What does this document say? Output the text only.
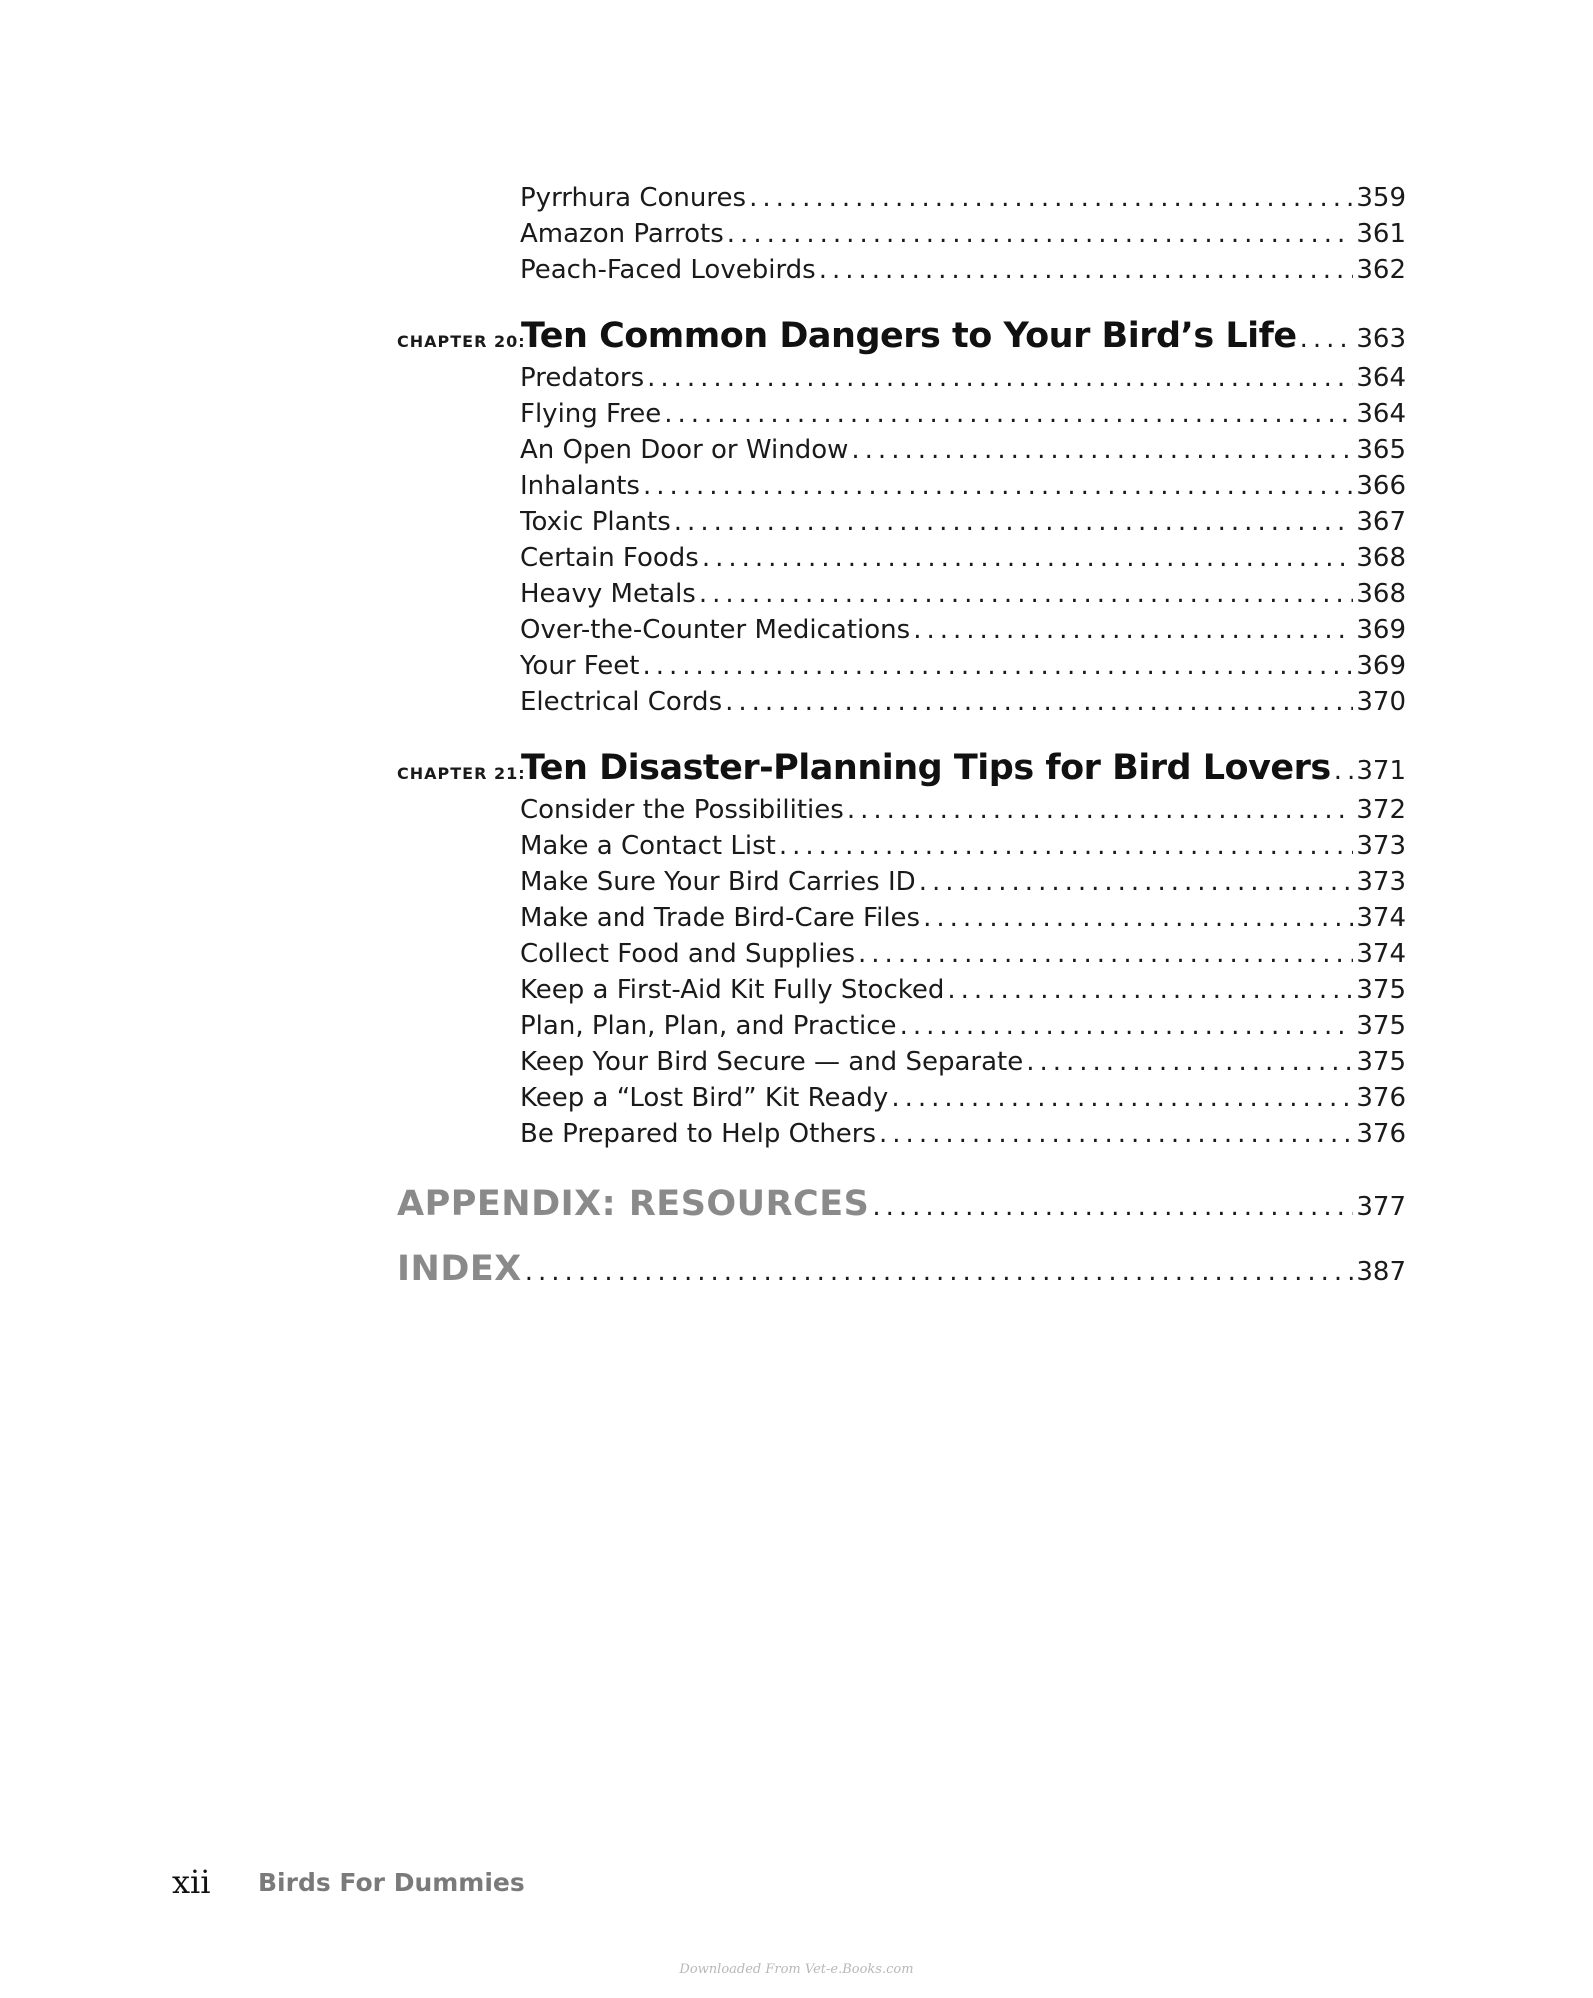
Pyrrhura Conures .....	359
Amazon Parrots .....	361
Peach-Faced Lovebirds .....	362
CHAPTER 20:
Ten Common Dangers to Your Bird’s Life ..... 363
Predators .....	364
Flying Free .....	364
An Open Door or Window .....	365
Inhalants .....	366
Toxic Plants .....	367
Certain Foods .....	368
Heavy Metals .....	368
Over-the-Counter Medications .....	369
Your Feet .....	369
Electrical Cords .....	370
CHAPTER 21:
Ten Disaster-Planning Tips for Bird Lovers ..... 371
Consider the Possibilities .....	372
Make a Contact List .....	373
Make Sure Your Bird Carries ID .....	373
Make and Trade Bird-Care Files .....	374
Collect Food and Supplies .....	374
Keep a First-Aid Kit Fully Stocked .....	375
Plan, Plan, Plan, and Practice .....	375
Keep Your Bird Secure — and Separate .....	375
Keep a “Lost Bird” Kit Ready .....	376
Be Prepared to Help Others .....	376
APPENDIX: RESOURCES .....	377
INDEX .....	387
xii Birds For Dummies
Downloaded From Vet-e.Books.com
